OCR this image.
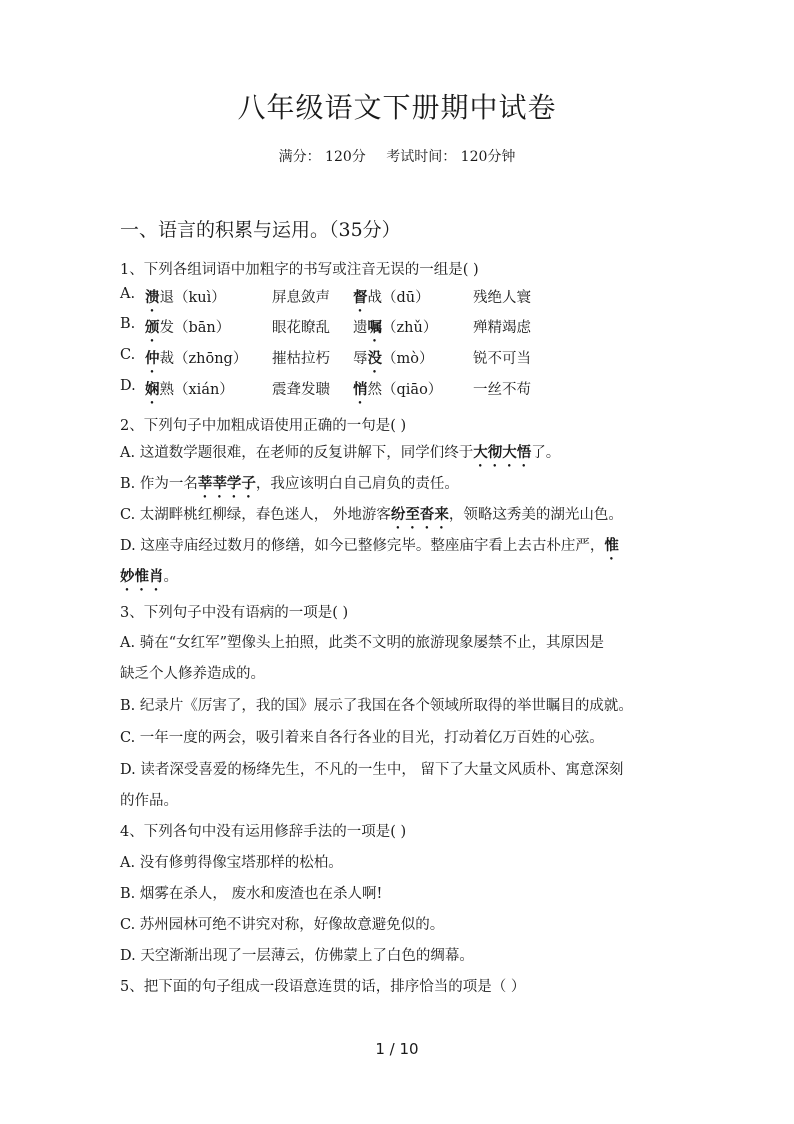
八年级语文下册期中试卷
满分： 120分 考试时间： 120分钟
一、语言的积累与运用。（35分）
1、下列各组词语中加粗字的书写或注音无误的一组是( )
A. 溃退（kuì）	屏息敛声 督战（dū）	残绝人寰
B. 颁发（bān）	眼花瞭乱 遗嘱（zhǔ） 殚精竭虑
C. 仲裁（zhōng） 摧枯拉朽 辱没（mò）	锐不可当
D. 娴熟（xián）	震聋发聩 悄然（qiāo） 一丝不苟
2、下列句子中加粗成语使用正确的一句是( )
A. 这道数学题很难，在老师的反复讲解下，同学们终于大彻大悟了。
B. 作为一名莘莘学子，我应该明白自己肩负的责任。
C. 太湖畔桃红柳绿，春色迷人， 外地游客纷至沓来，领略这秀美的湖光山色。
D. 这座寺庙经过数月的修缮，如今已整修完毕。整座庙宇看上去古朴庄严，惟
妙惟肖。
3、下列句子中没有语病的一项是( )
A. 骑在“女红军”塑像头上拍照，此类不文明的旅游现象屡禁不止，其原因是
缺乏个人修养造成的。
B. 纪录片《厉害了，我的国》展示了我国在各个领域所取得的举世瞩目的成就。
C. 一年一度的两会，吸引着来自各行各业的目光，打动着亿万百姓的心弦。
D. 读者深受喜爱的杨绛先生，不凡的一生中， 留下了大量文风质朴、寓意深刻
的作品。
4、下列各句中没有运用修辞手法的一项是( )
A. 没有修剪得像宝塔那样的松柏。
B. 烟雾在杀人， 废水和废渣也在杀人啊!
C. 苏州园林可绝不讲究对称，好像故意避免似的。
D. 天空渐渐出现了一层薄云，仿佛蒙上了白色的绸幕。
5、把下面的句子组成一段语意连贯的话，排序恰当的项是（ ）
1 / 10
